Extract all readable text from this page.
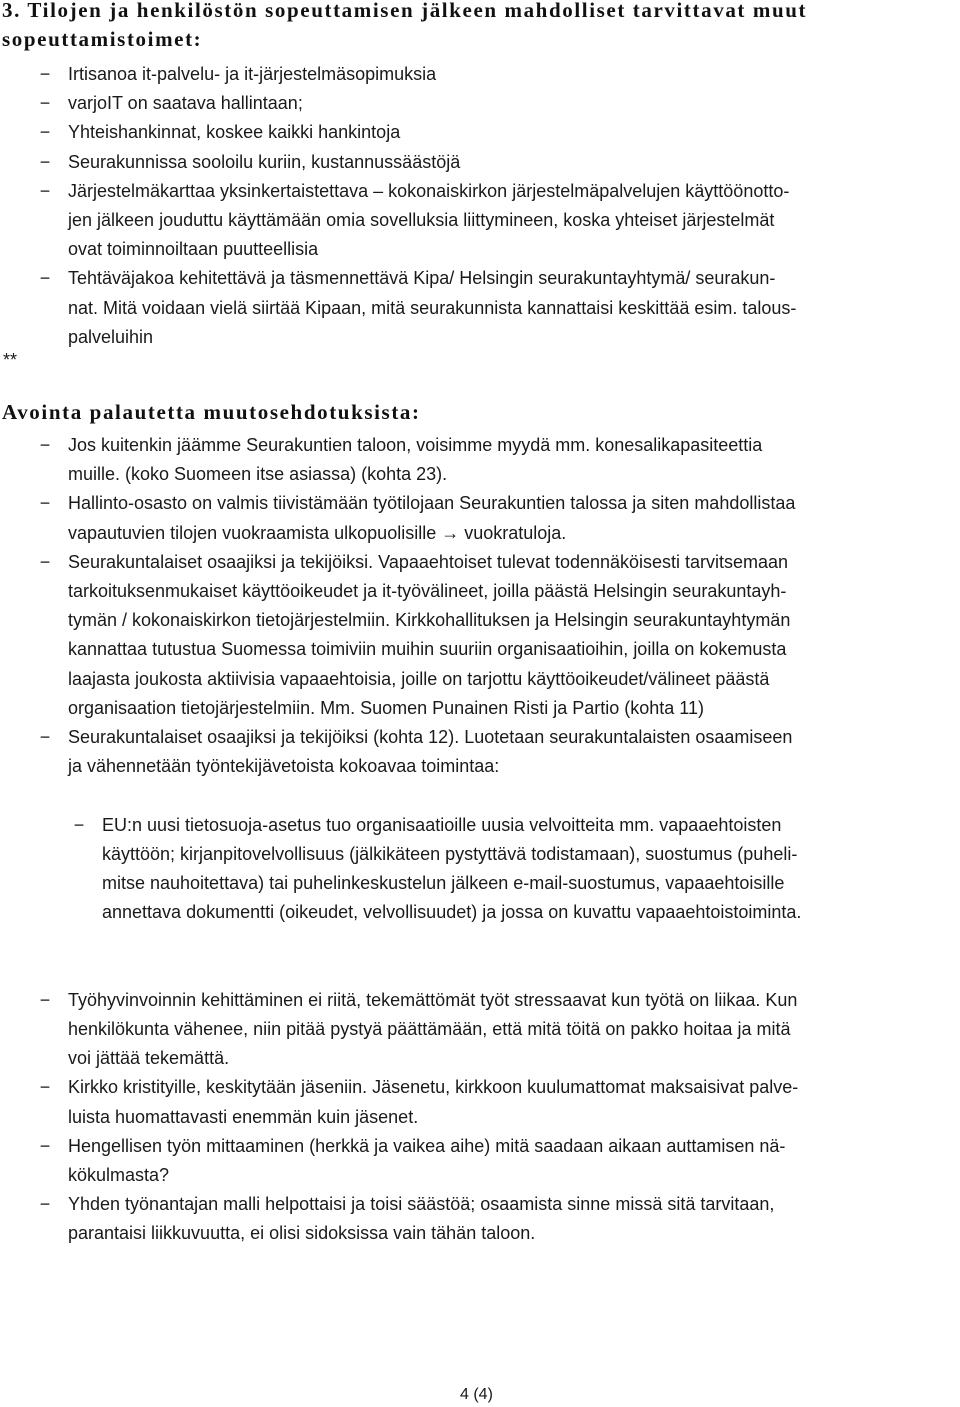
3. Tilojen ja henkilöstön sopeuttamisen jälkeen mahdolliset tarvittavat muut
sopeuttamistoimet:
− Irtisanoa it-palvelu- ja it-järjestelmäsopimuksia
− varjoIT on saatava hallintaan;
− Yhteishankinnat, koskee kaikki hankintoja
− Seurakunnissa sooloilu kuriin, kustannussäästöjä
− Järjestelmäkarttaa yksinkertaistettava – kokonaiskirkon järjestelmäpalvelujen käyttöönotto-
jen jälkeen jouduttu käyttämään omia sovelluksia liittymineen, koska yhteiset järjestelmät
ovat toiminnoiltaan puutteellisia
− Tehtäväjakoa kehitettävä ja täsmennettävä Kipa/ Helsingin seurakuntayhtymä/ seurakun-
nat. Mitä voidaan vielä siirtää Kipaan, mitä seurakunnista kannattaisi keskittää esim. talous-
palveluihin
**
Avointa palautetta muutosehdotuksista:
− Jos kuitenkin jäämme Seurakuntien taloon, voisimme myydä mm. konesalikapasiteettia
muille. (koko Suomeen itse asiassa) (kohta 23).
− Hallinto-osasto on valmis tiivistämään työtilojaan Seurakuntien talossa ja siten mahdollistaa
vapautuvien tilojen vuokraamista ulkopuolisille → vuokratuloja.
− Seurakuntalaiset osaajiksi ja tekijöiksi. Vapaaehtoiset tulevat todennäköisesti tarvitsemaan
tarkoituksenmukaiset käyttöoikeudet ja it-työvälineet, joilla päästä Helsingin seurakuntayh-
tymän / kokonaiskirkon tietojärjestelmiin. Kirkkohallituksen ja Helsingin seurakuntayhtymän
kannattaa tutustua Suomessa toimiviin muihin suuriin organisaatioihin, joilla on kokemusta
laajasta joukosta aktiivisia vapaaehtoisia, joille on tarjottu käyttöoikeudet/välineet päästä
organisaation tietojärjestelmiin. Mm. Suomen Punainen Risti ja Partio (kohta 11)
− Seurakuntalaiset osaajiksi ja tekijöiksi (kohta 12). Luotetaan seurakuntalaisten osaamiseen
ja vähennetään työntekijävetoista kokoavaa toimintaa:

− EU:n uusi tietosuoja-asetus tuo organisaatioille uusia velvoitteita mm. vapaaehtoisten
käyttöön; kirjanpitovelvollisuus (jälkikäteen pystyttävä todistamaan), suostumus (puheli-
mitse nauhoitettava) tai puhelinkeskustelun jälkeen e-mail-suostumus, vapaaehtoisille
annettava dokumentti (oikeudet, velvollisuudet) ja jossa on kuvattu vapaaehtoistoiminta.

− Työhyvinvoinnin kehittäminen ei riitä, tekemättömät työt stressaavat kun työtä on liikaa. Kun
henkilökunta vähenee, niin pitää pystyä päättämään, että mitä töitä on pakko hoitaa ja mitä
voi jättää tekemättä.
− Kirkko kristityille, keskitytään jäseniin. Jäsenetu, kirkkoon kuulumattomat maksaisivat palve-
luista huomattavasti enemmän kuin jäsenet.
− Hengellisen työn mittaaminen (herkkä ja vaikea aihe) mitä saadaan aikaan auttamisen nä-
kökulmasta?
− Yhden työnantajan malli helpottaisi ja toisi säästöä; osaamista sinne missä sitä tarvitaan,
parantaisi liikkuvuutta, ei olisi sidoksissa vain tähän taloon.
4 (4)
